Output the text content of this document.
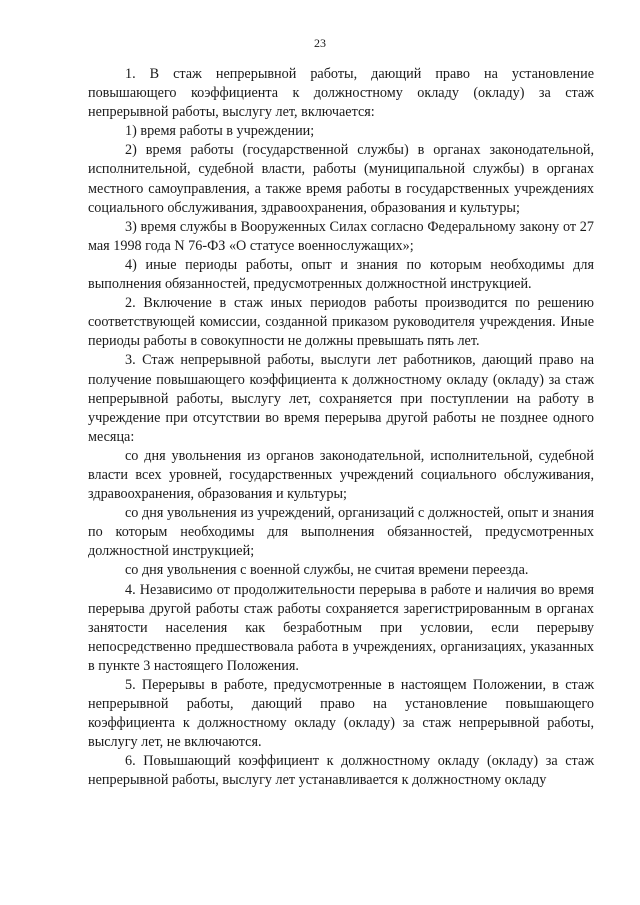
23

1. В стаж непрерывной работы, дающий право на установление повышающего коэффициента к должностному окладу (окладу) за стаж непрерывной работы, выслугу лет, включается:

1) время работы в учреждении;

2) время работы (государственной службы) в органах законодательной, исполнительной, судебной власти, работы (муниципальной службы) в органах местного самоуправления, а также время работы в государственных учреждениях социального обслуживания, здравоохранения, образования и культуры;

3) время службы в Вооруженных Силах согласно Федеральному закону от 27 мая 1998 года N 76-ФЗ «О статусе военнослужащих»;

4) иные периоды работы, опыт и знания по которым необходимы для выполнения обязанностей, предусмотренных должностной инструкцией.

2. Включение в стаж иных периодов работы производится по решению соответствующей комиссии, созданной приказом руководителя учреждения. Иные периоды работы в совокупности не должны превышать пять лет.

3. Стаж непрерывной работы, выслуги лет работников, дающий право на получение повышающего коэффициента к должностному окладу (окладу) за стаж непрерывной работы, выслугу лет, сохраняется при поступлении на работу в учреждение при отсутствии во время перерыва другой работы не позднее одного месяца:

со дня увольнения из органов законодательной, исполнительной, судебной власти всех уровней, государственных учреждений социального обслуживания, здравоохранения, образования и культуры;

со дня увольнения из учреждений, организаций с должностей, опыт и знания по которым необходимы для выполнения обязанностей, предусмотренных должностной инструкцией;

со дня увольнения с военной службы, не считая времени переезда.

4. Независимо от продолжительности перерыва в работе и наличия во время перерыва другой работы стаж работы сохраняется зарегистрированным в органах занятости населения как безработным при условии, если перерыву непосредственно предшествовала работа в учреждениях, организациях, указанных в пункте 3 настоящего Положения.

5. Перерывы в работе, предусмотренные в настоящем Положении, в стаж непрерывной работы, дающий право на установление повышающего коэффициента к должностному окладу (окладу) за стаж непрерывной работы, выслугу лет, не включаются.

6. Повышающий коэффициент к должностному окладу (окладу) за стаж непрерывной работы, выслугу лет устанавливается к должностному окладу
